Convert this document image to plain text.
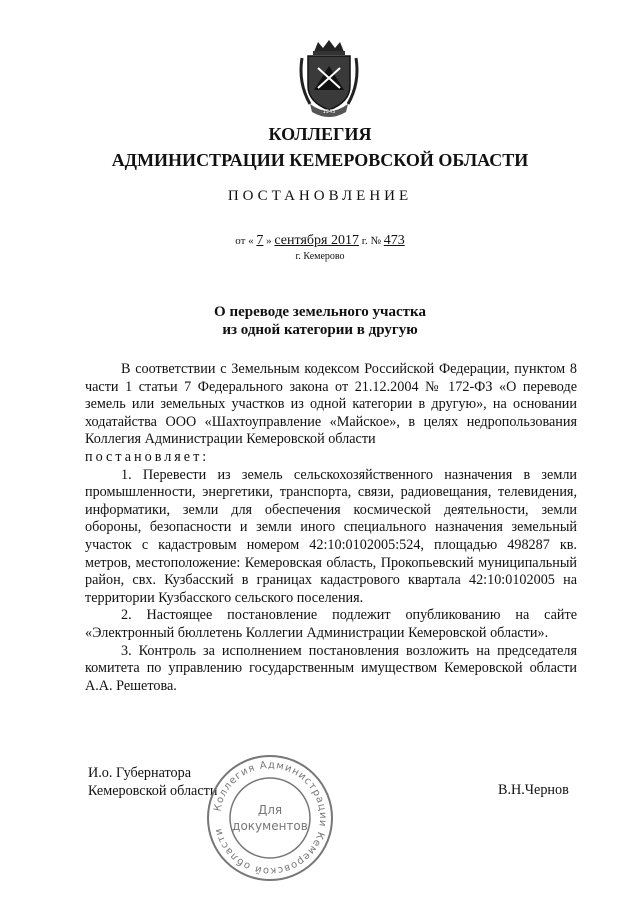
1943
КОЛЛЕГИЯ
АДМИНИСТРАЦИИ КЕМЕРОВСКОЙ ОБЛАСТИ
ПОСТАНОВЛЕНИЕ
от « 7 » сентября 2017 г. № 473
г. Кемерово
О переводе земельного участка
из одной категории в другую

В соответствии с Земельным кодексом Российской Федерации, пунктом 8 части 1 статьи 7 Федерального закона от 21.12.2004 № 172-ФЗ «О переводе земель или земельных участков из одной категории в другую», на основании ходатайства ООО «Шахтоуправление «Майское», в целях недропользования Коллегия Администрации Кемеровской области

постановляет:

1. Перевести из земель сельскохозяйственного назначения в земли промышленности, энергетики, транспорта, связи, радиовещания, телевидения, информатики, земли для обеспечения космической деятельности, земли обороны, безопасности и земли иного специального назначения земельный участок с кадастровым номером 42:10:0102005:524, площадью 498287 кв. метров, местоположение: Кемеровская область, Прокопьевский муниципальный район, свх. Кузбасский в границах кадастрового квартала 42:10:0102005 на территории Кузбасского сельского поселения.

2. Настоящее постановление подлежит опубликованию на сайте «Электронный бюллетень Коллегии Администрации Кемеровской области».

3. Контроль за исполнением постановления возложить на председателя комитета по управлению государственным имуществом Кемеровской области А.А. Решетова.

И.о. Губернатора
Кемеровской области	В.Н.Чернов
Коллегия Администрации Кемеровской области
Для
документов
